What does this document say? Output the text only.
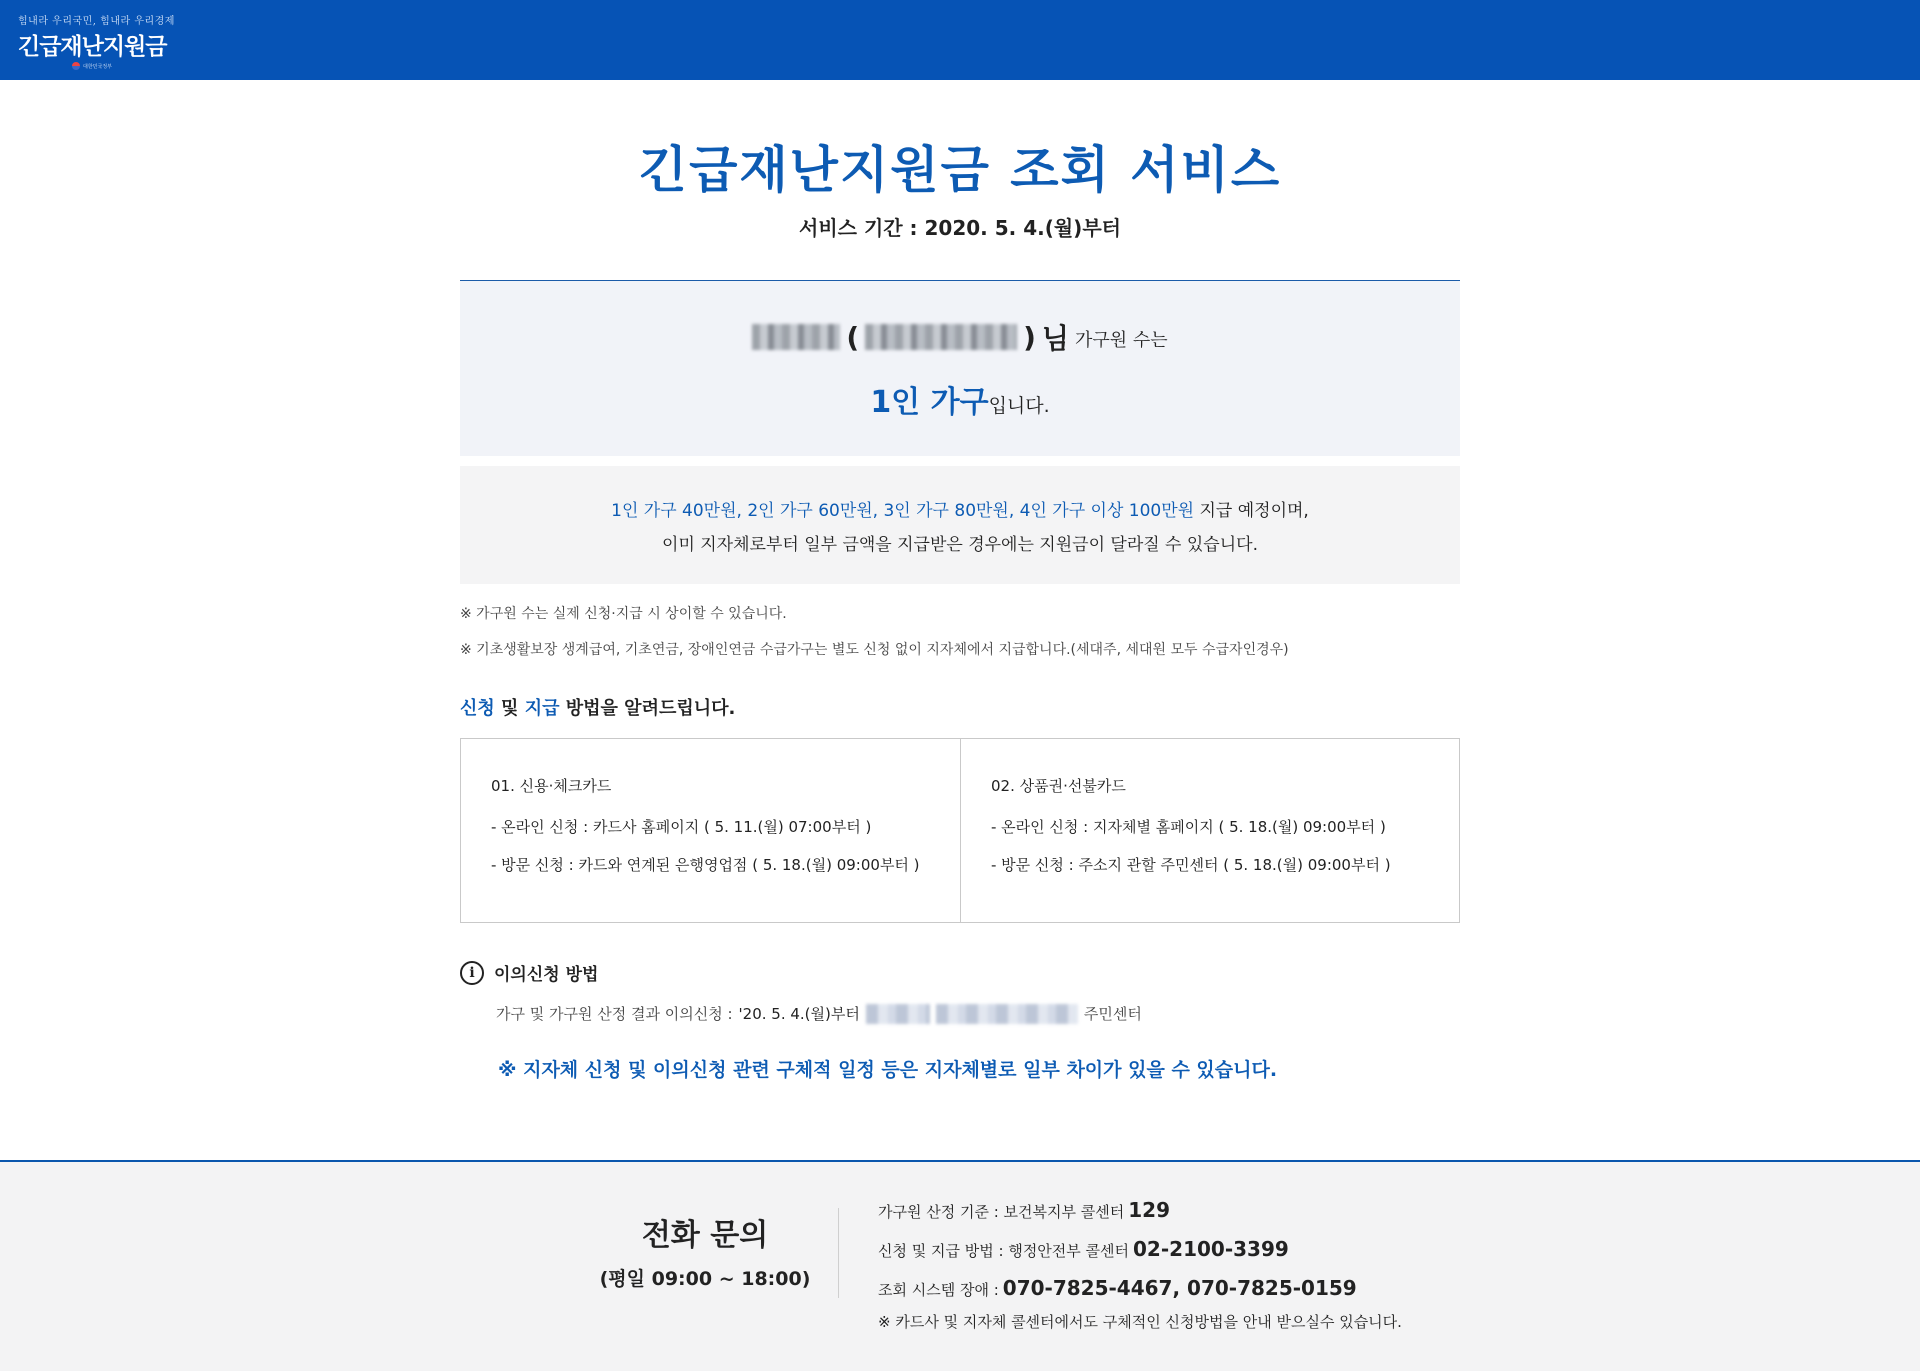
힘내라 우리국민, 힘내라 우리경제
긴급재난지원금
대한민국정부
긴급재난지원금 조회 서비스
서비스 기간 : 2020. 5. 4.(월)부터
(	) 님 가구원 수는
1인 가구입니다.
1인 가구 40만원, 2인 가구 60만원, 3인 가구 80만원, 4인 가구 이상 100만원 지급 예정이며,
이미 지자체로부터 일부 금액을 지급받은 경우에는 지원금이 달라질 수 있습니다.
※ 가구원 수는 실제 신청·지급 시 상이할 수 있습니다.
※ 기초생활보장 생계급여, 기초연금, 장애인연금 수급가구는 별도 신청 없이 지자체에서 지급합니다.(세대주, 세대원 모두 수급자인경우)
신청 및 지급 방법을 알려드립니다.
01. 신용·체크카드
- 온라인 신청 : 카드사 홈페이지 ( 5. 11.(월) 07:00부터 )
- 방문 신청 : 카드와 연계된 은행영업점 ( 5. 18.(월) 09:00부터 )
02. 상품권·선불카드
- 온라인 신청 : 지자체별 홈페이지 ( 5. 18.(월) 09:00부터 )
- 방문 신청 : 주소지 관할 주민센터 ( 5. 18.(월) 09:00부터 )
i	이의신청 방법
가구 및 가구원 산정 결과 이의신청 : '20. 5. 4.(월)부터	주민센터
※ 지자체 신청 및 이의신청 관련 구체적 일정 등은 지자체별로 일부 차이가 있을 수 있습니다.
전화 문의
(평일 09:00 ~ 18:00)
가구원 산정 기준 : 보건복지부 콜센터 129
신청 및 지급 방법 : 행정안전부 콜센터 02-2100-3399
조회 시스템 장애 : 070-7825-4467, 070-7825-0159
※ 카드사 및 지자체 콜센터에서도 구체적인 신청방법을 안내 받으실수 있습니다.
